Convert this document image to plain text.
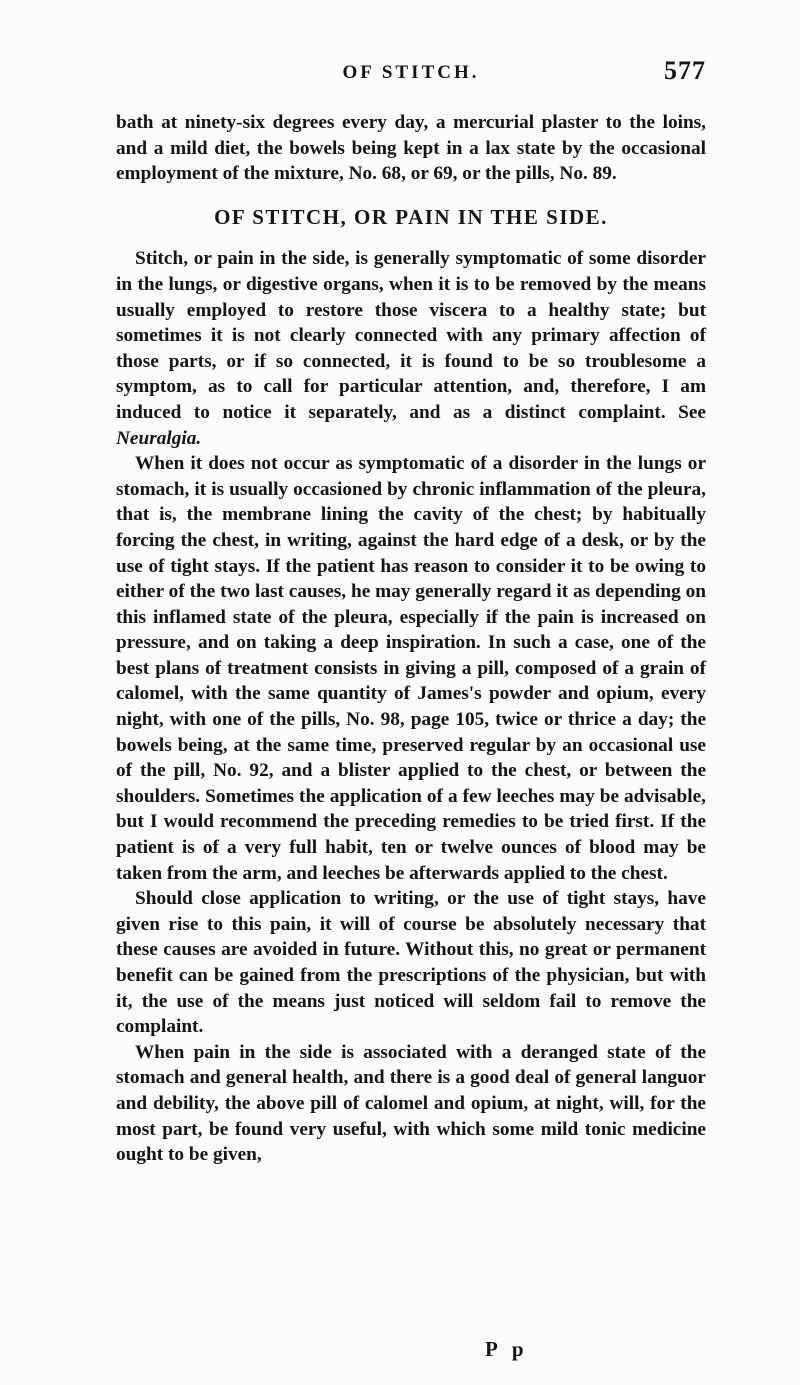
OF STITCH.	577

bath at ninety-six degrees every day, a mercurial plaster to the loins, and a mild diet, the bowels being kept in a lax state by the occasional employment of the mixture, No. 68, or 69, or the pills, No. 89.

OF STITCH, OR PAIN IN THE SIDE.

Stitch, or pain in the side, is generally symptomatic of some disorder in the lungs, or digestive organs, when it is to be removed by the means usually employed to restore those viscera to a healthy state; but sometimes it is not clearly connected with any primary affection of those parts, or if so connected, it is found to be so troublesome a symptom, as to call for particular attention, and, therefore, I am induced to notice it separately, and as a distinct complaint. See Neuralgia.

When it does not occur as symptomatic of a disorder in the lungs or stomach, it is usually occasioned by chronic inflammation of the pleura, that is, the membrane lining the cavity of the chest; by habitually forcing the chest, in writing, against the hard edge of a desk, or by the use of tight stays. If the patient has reason to consider it to be owing to either of the two last causes, he may generally regard it as depending on this inflamed state of the pleura, especially if the pain is increased on pressure, and on taking a deep inspiration. In such a case, one of the best plans of treatment consists in giving a pill, composed of a grain of calomel, with the same quantity of James's powder and opium, every night, with one of the pills, No. 98, page 105, twice or thrice a day; the bowels being, at the same time, preserved regular by an occasional use of the pill, No. 92, and a blister applied to the chest, or between the shoulders. Sometimes the application of a few leeches may be advisable, but I would recommend the preceding remedies to be tried first. If the patient is of a very full habit, ten or twelve ounces of blood may be taken from the arm, and leeches be afterwards applied to the chest.

Should close application to writing, or the use of tight stays, have given rise to this pain, it will of course be absolutely necessary that these causes are avoided in future. Without this, no great or permanent benefit can be gained from the prescriptions of the physician, but with it, the use of the means just noticed will seldom fail to remove the complaint.

When pain in the side is associated with a deranged state of the stomach and general health, and there is a good deal of general languor and debility, the above pill of calomel and opium, at night, will, for the most part, be found very useful, with which some mild tonic medicine ought to be given,

P p
